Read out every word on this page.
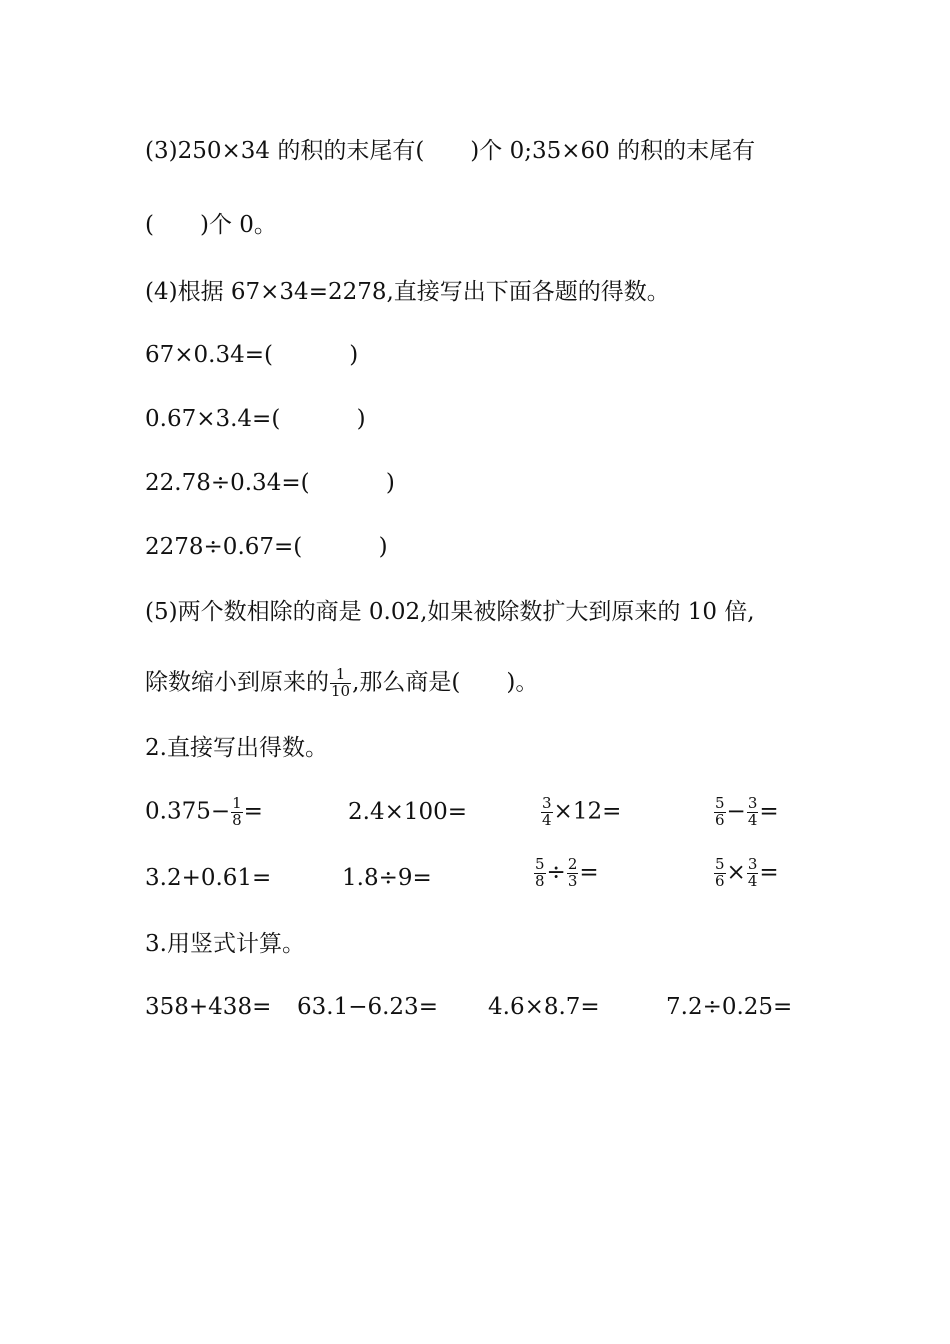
(3)250×34 的积的末尾有(　　)个 0;35×60 的积的末尾有
(　　)个 0。
(4)根据 67×34=2278,直接写出下面各题的得数。
67×0.34=(　　　 )
0.67×3.4=(　　　 )
22.78÷0.34=(　　　 )
2278÷0.67=(　　　 )
(5)两个数相除的商是 0.02,如果被除数扩大到原来的 10 倍,
除数缩小到原来的 $\frac{1}{10}$ ,那么商是(　　)。
2.直接写出得数。
$0.375- \frac{1}{8}$ =	2.4×100=	$\frac{3}{4} \times 12=$	$\frac{5}{6} - \frac{3}{4}$ =
3.2+0.61=	1.8÷9=	$\frac{5}{8} \div \frac{2}{3}$ =	$\frac{5}{6} \times \frac{3}{4}$ =
3.用竖式计算。
358+438= 63.1−6.23= 4.6×8.7=	7.2÷0.25=
